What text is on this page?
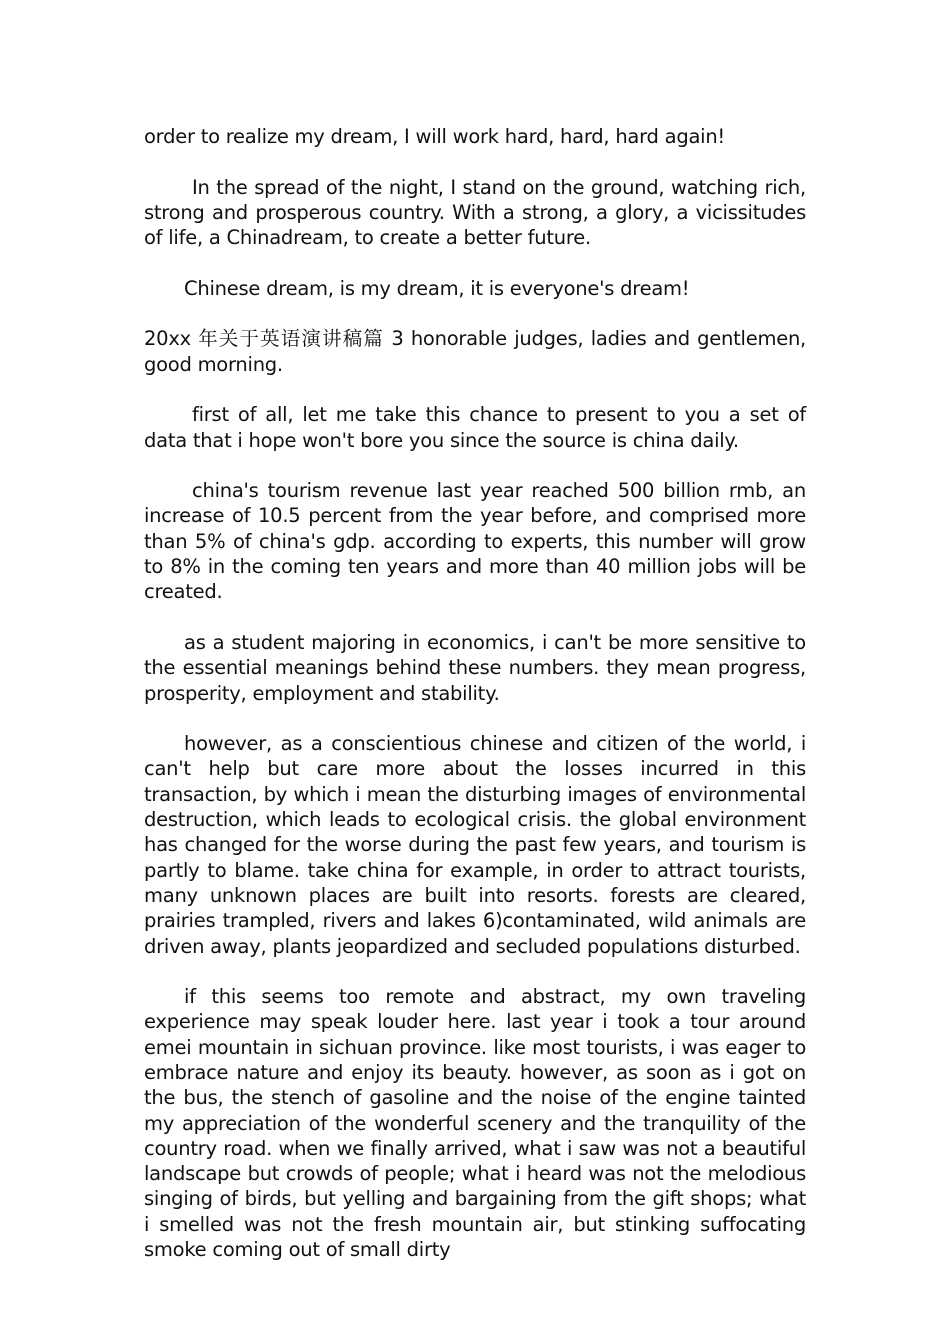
order to realize my dream, I will work hard, hard, hard again!

In the spread of the night, I stand on the ground, watching rich, strong and prosperous country. With a strong, a glory, a vicissitudes of life, a Chinadream, to create a better future.

Chinese dream, is my dream, it is everyone's dream!

20xx 年关于英语演讲稿篇 3 honorable judges, ladies and gentlemen, good morning.

first of all, let me take this chance to present to you a set of data that i hope won't bore you since the source is china daily.

china's tourism revenue last year reached 500 billion rmb, an increase of 10.5 percent from the year before, and comprised more than 5% of china's gdp. according to experts, this number will grow to 8% in the coming ten years and more than 40 million jobs will be created.

as a student majoring in economics, i can't be more sensitive to the essential meanings behind these numbers. they mean progress, prosperity, employment and stability.

however, as a conscientious chinese and citizen of the world, i can't help but care more about the losses incurred in this transaction, by which i mean the disturbing images of environmental destruction, which leads to ecological crisis. the global environment has changed for the worse during the past few years, and tourism is partly to blame. take china for example, in order to attract tourists, many unknown places are built into resorts. forests are cleared, prairies trampled, rivers and lakes 6)contaminated, wild animals are driven away, plants jeopardized and secluded populations disturbed.

if this seems too remote and abstract, my own traveling experience may speak louder here. last year i took a tour around emei mountain in sichuan province. like most tourists, i was eager to embrace nature and enjoy its beauty. however, as soon as i got on the bus, the stench of gasoline and the noise of the engine tainted my appreciation of the wonderful scenery and the tranquility of the country road. when we finally arrived, what i saw was not a beautiful landscape but crowds of people; what i heard was not the melodious singing of birds, but yelling and bargaining from the gift shops; what i smelled was not the fresh mountain air, but stinking suffocating smoke coming out of small dirty
